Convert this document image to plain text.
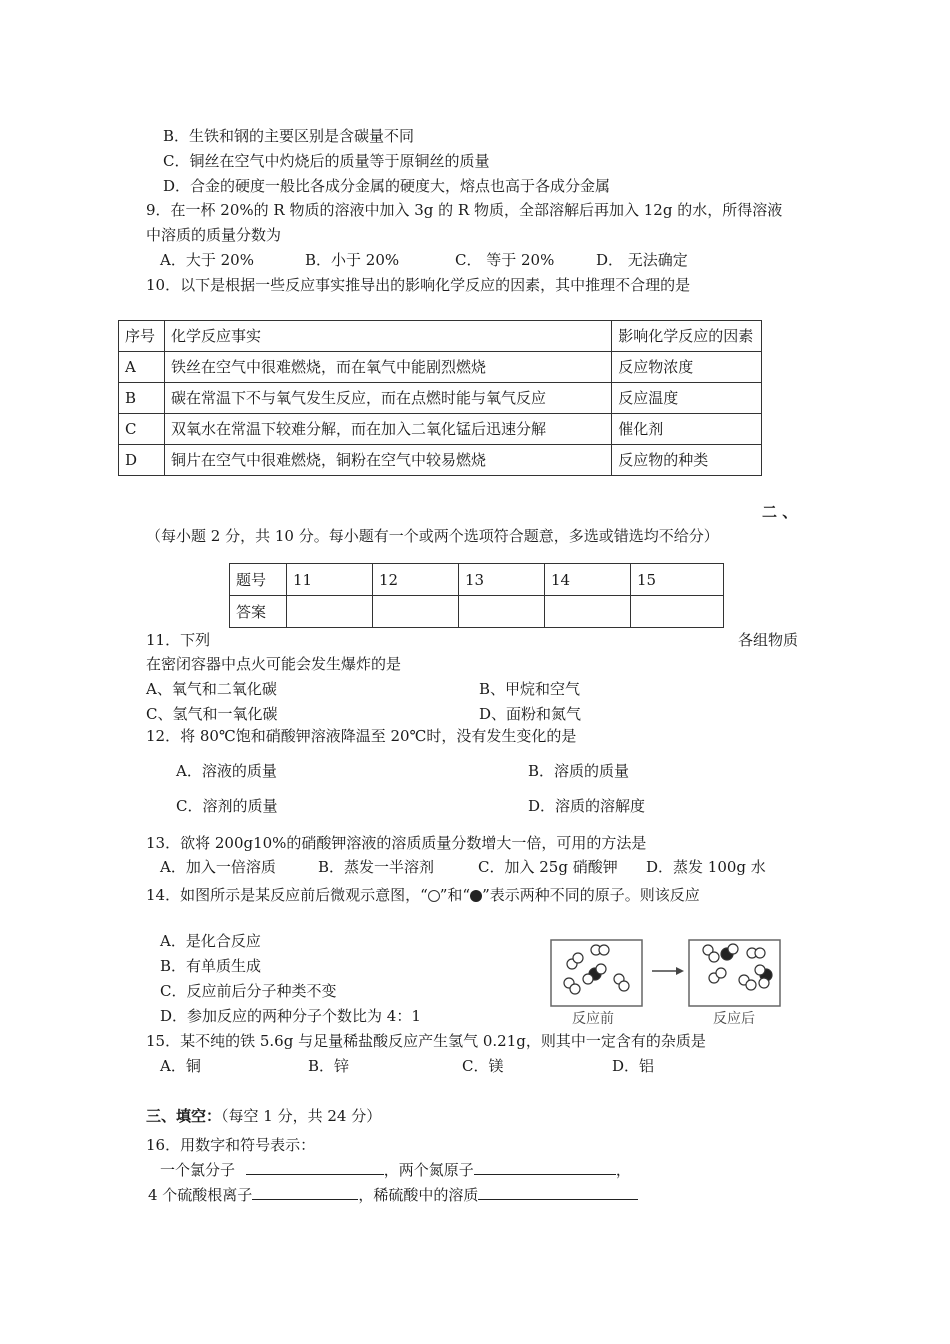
B．生铁和钢的主要区别是含碳量不同
C．铜丝在空气中灼烧后的质量等于原铜丝的质量
D．合金的硬度一般比各成分金属的硬度大，熔点也高于各成分金属
9．在一杯 20%的 R 物质的溶液中加入 3g 的 R 物质，全部溶解后再加入 12g 的水，所得溶液
中溶质的质量分数为
A．大于 20%	B．小于 20%	C． 等于 20%	D． 无法确定
10．以下是根据一些反应事实推导出的影响化学反应的因素，其中推理不合理的是
序号	化学反应事实	影响化学反应的因素
A	铁丝在空气中很难燃烧，而在氧气中能剧烈燃烧	反应物浓度
B	碳在常温下不与氧气发生反应，而在点燃时能与氧气反应	反应温度
C	双氧水在常温下较难分解，而在加入二氧化锰后迅速分解	催化剂
D	铜片在空气中很难燃烧，铜粉在空气中较易燃烧	反应物的种类
二 、
（每小题 2 分，共 10 分。每小题有一个或两个选项符合题意，多选或错选均不给分）
题号	11	12	13	14	15
答案					
11．下列	各组物质
在密闭容器中点火可能会发生爆炸的是
A、氧气和二氧化碳	B、甲烷和空气
C、氢气和一氧化碳	D、面粉和氮气
12．将 80℃饱和硝酸钾溶液降温至 20℃时，没有发生变化的是
A．溶液的质量	B．溶质的质量
C．溶剂的质量	D．溶质的溶解度
13．欲将 200g10%的硝酸钾溶液的溶质质量分数增大一倍，可用的方法是
A．加入一倍溶质	B．蒸发一半溶剂	C．加入 25g 硝酸钾 D．蒸发 100g 水
14．如图所示是某反应前后微观示意图，“ ”和“ ”表示两种不同的原子。则该反应
A．是化合反应
B．有单质生成
C．反应前后分子种类不变
D．参加反应的两种分子个数比为 4：1	反应前	反应后
15．某不纯的铁 5.6g 与足量稀盐酸反应产生氢气 0.21g，则其中一定含有的杂质是
A．铜	B．锌	C．镁	D．铝
三、填空：（每空 1 分，共 24 分）
16．用数字和符号表示：
一个氯分子	，两个氮原子	，
4 个硫酸根离子	，稀硫酸中的溶质
